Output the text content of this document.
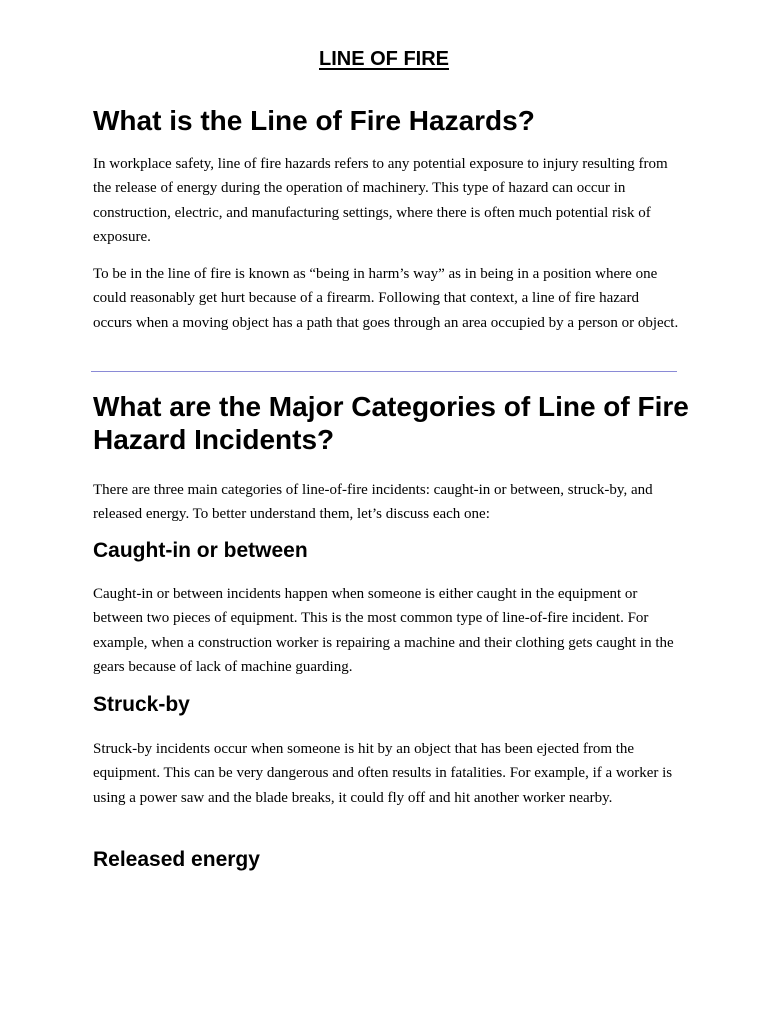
LINE OF FIRE
What is the Line of Fire Hazards?

In workplace safety, line of fire hazards refers to any potential exposure to injury resulting from the release of energy during the operation of machinery. This type of hazard can occur in construction, electric, and manufacturing settings, where there is often much potential risk of exposure.

To be in the line of fire is known as “being in harm’s way” as in being in a position where one could reasonably get hurt because of a firearm. Following that context, a line of fire hazard occurs when a moving object has a path that goes through an area occupied by a person or object.

What are the Major Categories of Line of Fire Hazard Incidents?

There are three main categories of line-of-fire incidents: caught-in or between, struck-by, and released energy. To better understand them, let’s discuss each one:

Caught-in or between

Caught-in or between incidents happen when someone is either caught in the equipment or between two pieces of equipment. This is the most common type of line-of-fire incident. For example, when a construction worker is repairing a machine and their clothing gets caught in the gears because of lack of machine guarding.

Struck-by

Struck-by incidents occur when someone is hit by an object that has been ejected from the equipment. This can be very dangerous and often results in fatalities. For example, if a worker is using a power saw and the blade breaks, it could fly off and hit another worker nearby.

Released energy
